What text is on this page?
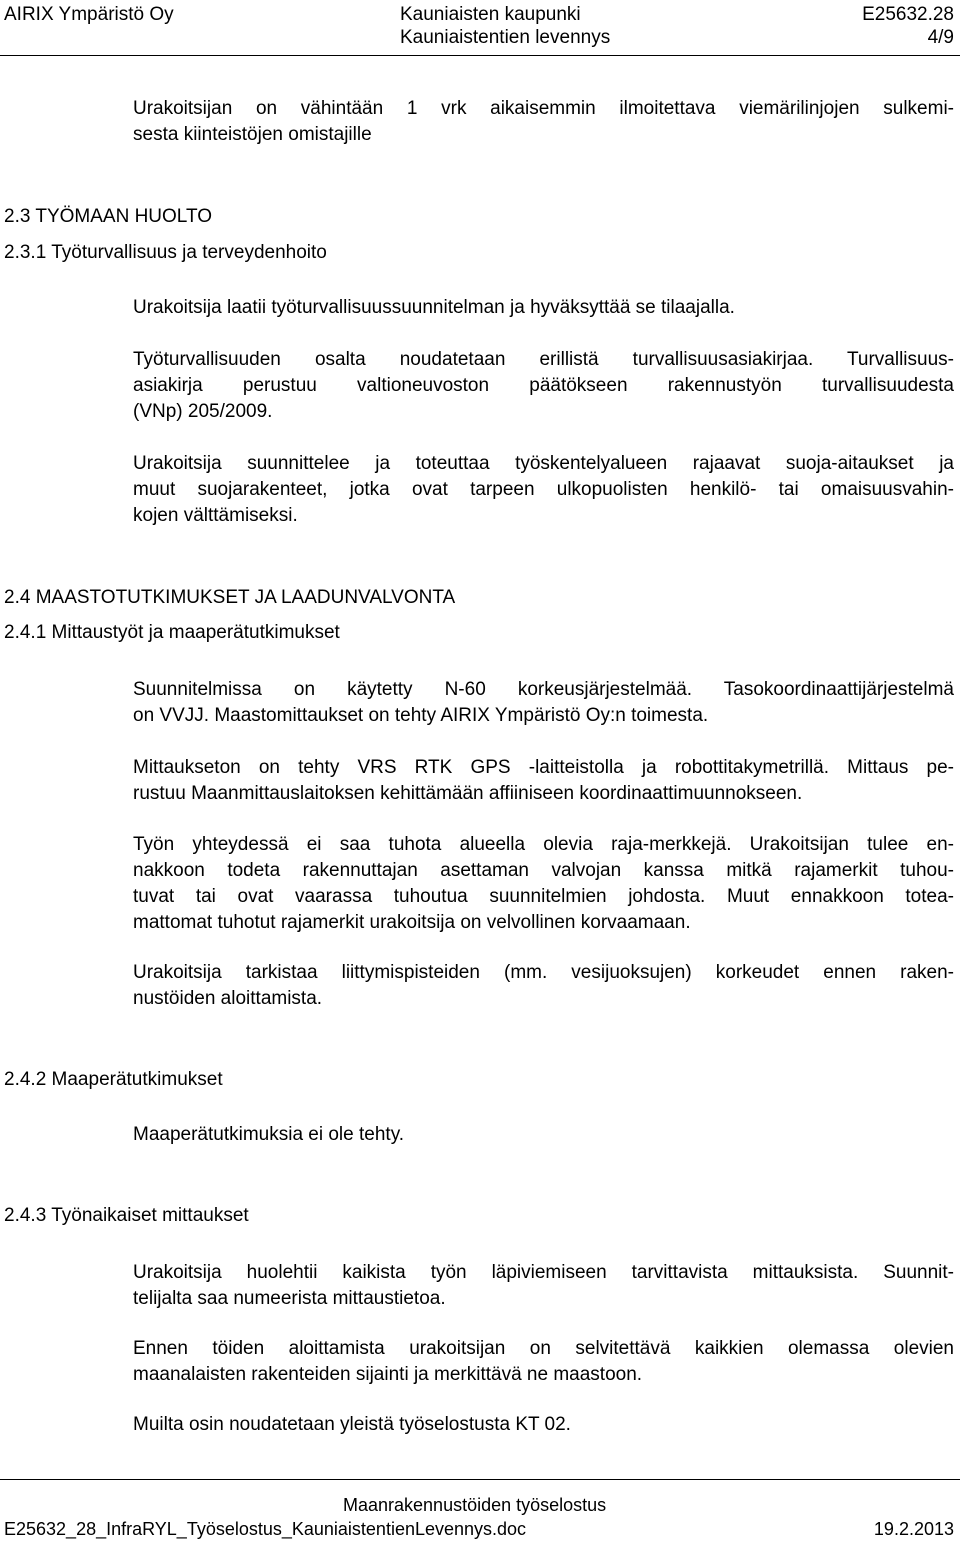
AIRIX Ympäristö Oy	Kauniaisten kaupunki
Kauniaistentien levennys
E25632.28
4/9
Urakoitsijan on vähintään 1 vrk aikaisemmin ilmoitettava viemärilinjojen sulkemi-
sesta kiinteistöjen omistajille
2.3 TYÖMAAN HUOLTO
2.3.1 Työturvallisuus ja terveydenhoito
Urakoitsija laatii työturvallisuussuunnitelman ja hyväksyttää se tilaajalla.
Työturvallisuuden osalta noudatetaan erillistä turvallisuusasiakirjaa. Turvallisuus-
asiakirja perustuu valtioneuvoston päätökseen rakennustyön turvallisuudesta
(VNp) 205/2009.
Urakoitsija suunnittelee ja toteuttaa työskentelyalueen rajaavat suoja-aitaukset ja
muut suojarakenteet, jotka ovat tarpeen ulkopuolisten henkilö- tai omaisuusvahin-
kojen välttämiseksi.
2.4 MAASTOTUTKIMUKSET JA LAADUNVALVONTA
2.4.1 Mittaustyöt ja maaperätutkimukset
Suunnitelmissa on käytetty N-60 korkeusjärjestelmää. Tasokoordinaattijärjestelmä
on VVJJ. Maastomittaukset on tehty AIRIX Ympäristö Oy:n toimesta.
Mittaukseton on tehty VRS RTK GPS -laitteistolla ja robottitakymetrillä. Mittaus pe-
rustuu Maanmittauslaitoksen kehittämään affiiniseen koordinaattimuunnokseen.
Työn yhteydessä ei saa tuhota alueella olevia raja-merkkejä. Urakoitsijan tulee en-
nakkoon todeta rakennuttajan asettaman valvojan kanssa mitkä rajamerkit tuhou-
tuvat tai ovat vaarassa tuhoutua suunnitelmien johdosta. Muut ennakkoon totea-
mattomat tuhotut rajamerkit urakoitsija on velvollinen korvaamaan.
Urakoitsija tarkistaa liittymispisteiden (mm. vesijuoksujen) korkeudet ennen raken-
nustöiden aloittamista.
2.4.2 Maaperätutkimukset
Maaperätutkimuksia ei ole tehty.
2.4.3 Työnaikaiset mittaukset
Urakoitsija huolehtii kaikista työn läpiviemiseen tarvittavista mittauksista. Suunnit-
telijalta saa numeerista mittaustietoa.
Ennen töiden aloittamista urakoitsijan on selvitettävä kaikkien olemassa olevien
maanalaisten rakenteiden sijainti ja merkittävä ne maastoon.
Muilta osin noudatetaan yleistä työselostusta KT 02.
Maanrakennustöiden työselostus
E25632_28_InfraRYL_Työselostus_KauniaistentienLevennys.doc	19.2.2013
